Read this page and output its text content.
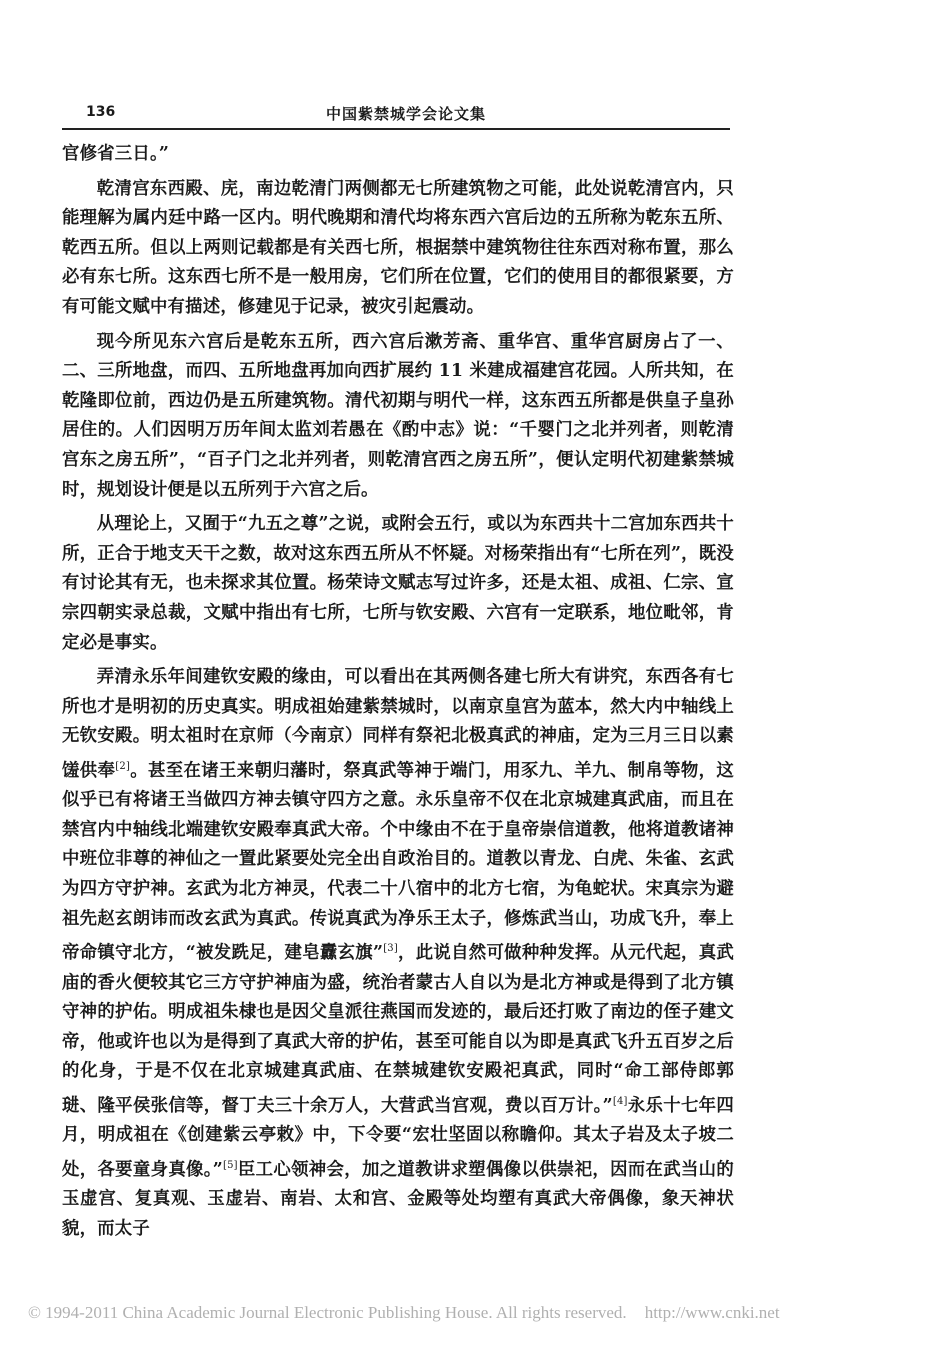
136	中国紫禁城学会论文集

官修省三日。”

乾清宫东西殿、庑，南边乾清门两侧都无七所建筑物之可能，此处说乾清宫内，只能理解为属内廷中路一区内。明代晚期和清代均将东西六宫后边的五所称为乾东五所、乾西五所。但以上两则记载都是有关西七所，根据禁中建筑物往往东西对称布置，那么必有东七所。这东西七所不是一般用房，它们所在位置，它们的使用目的都很紧要，方有可能文赋中有描述，修建见于记录，被灾引起震动。

现今所见东六宫后是乾东五所，西六宫后漱芳斋、重华宫、重华宫厨房占了一、二、三所地盘，而四、五所地盘再加向西扩展约 11 米建成福建宫花园。人所共知，在乾隆即位前，西边仍是五所建筑物。清代初期与明代一样，这东西五所都是供皇子皇孙居住的。人们因明万历年间太监刘若愚在《酌中志》说：“千婴门之北并列者，则乾清宫东之房五所”，“百子门之北并列者，则乾清宫西之房五所”，便认定明代初建紫禁城时，规划设计便是以五所列于六宫之后。

从理论上，又囿于“九五之尊”之说，或附会五行，或以为东西共十二宫加东西共十所，正合于地支天干之数，故对这东西五所从不怀疑。对杨荣指出有“七所在列”，既没有讨论其有无，也未探求其位置。杨荣诗文赋志写过许多，还是太祖、成祖、仁宗、宣宗四朝实录总裁，文赋中指出有七所，七所与钦安殿、六宫有一定联系，地位毗邻，肯定必是事实。

弄清永乐年间建钦安殿的缘由，可以看出在其两侧各建七所大有讲究，东西各有七所也才是明初的历史真实。明成祖始建紫禁城时，以南京皇宫为蓝本，然大内中轴线上无钦安殿。明太祖时在京师（今南京）同样有祭祀北极真武的神庙，定为三月三日以素馐供奉[2]。甚至在诸王来朝归藩时，祭真武等神于端门，用豕九、羊九、制帛等物，这似乎已有将诸王当做四方神去镇守四方之意。永乐皇帝不仅在北京城建真武庙，而且在禁宫内中轴线北端建钦安殿奉真武大帝。个中缘由不在于皇帝崇信道教，他将道教诸神中班位非尊的神仙之一置此紧要处完全出自政治目的。道教以青龙、白虎、朱雀、玄武为四方守护神。玄武为北方神灵，代表二十八宿中的北方七宿，为龟蛇状。宋真宗为避祖先赵玄朗讳而改玄武为真武。传说真武为净乐王太子，修炼武当山，功成飞升，奉上帝命镇守北方，“被发跣足，建皂纛玄旗”[3]，此说自然可做种种发挥。从元代起，真武庙的香火便较其它三方守护神庙为盛，统治者蒙古人自以为是北方神或是得到了北方镇守神的护佑。明成祖朱棣也是因父皇派往燕国而发迹的，最后还打败了南边的侄子建文帝，他或许也以为是得到了真武大帝的护佑，甚至可能自以为即是真武飞升五百岁之后的化身，于是不仅在北京城建真武庙、在禁城建钦安殿祀真武，同时“命工部侍郎郭琎、隆平侯张信等，督丁夫三十余万人，大营武当宫观，费以百万计。”[4]永乐十七年四月，明成祖在《创建紫云亭敕》中，下令要“宏壮坚固以称瞻仰。其太子岩及太子坡二处，各要童身真像。”[5]臣工心领神会，加之道教讲求塑偶像以供崇祀，因而在武当山的玉虚宫、复真观、玉虚岩、南岩、太和宫、金殿等处均塑有真武大帝偶像，象天神状貌，而太子

© 1994-2011 China Academic Journal Electronic Publishing House. All rights reserved. http://www.cnki.net
